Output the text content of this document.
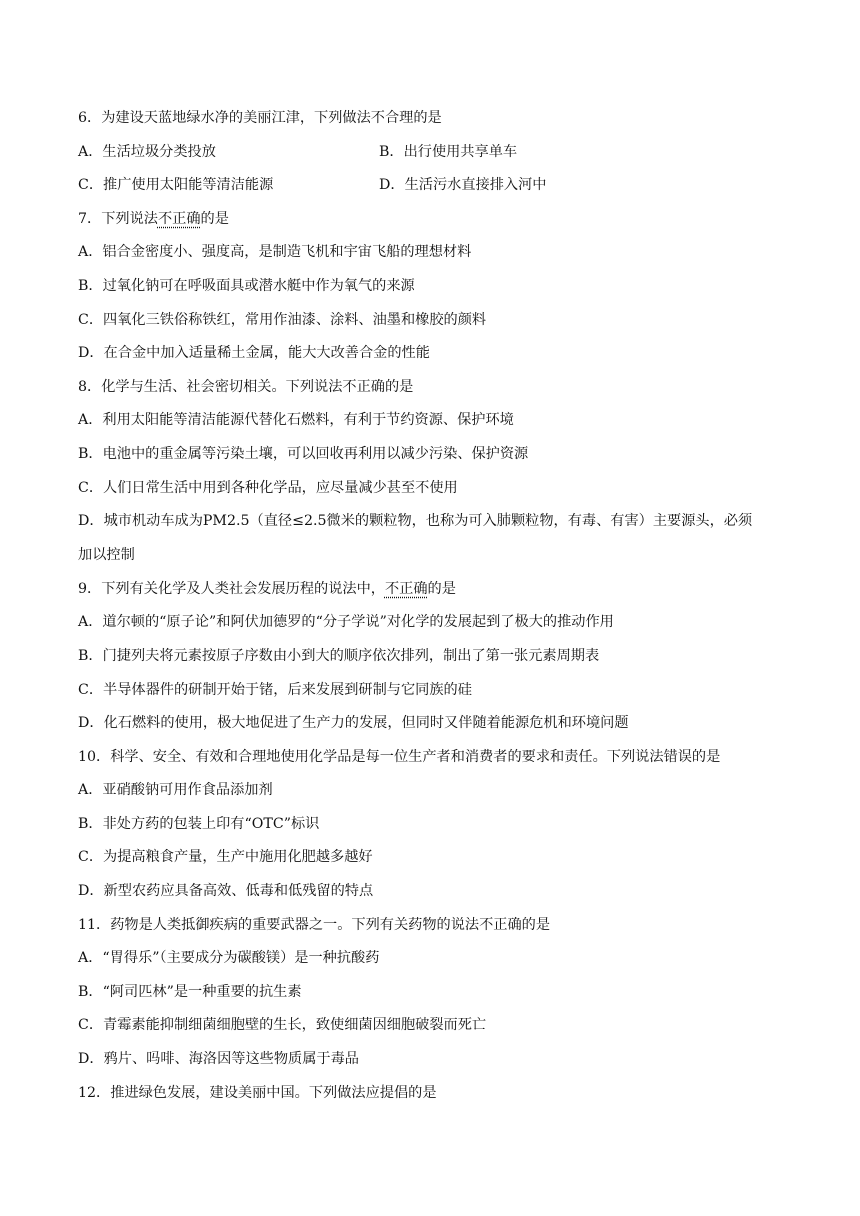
6．为建设天蓝地绿水净的美丽江津，下列做法不合理的是
A．生活垃圾分类投放	B．出行使用共享单车
C．推广使用太阳能等清洁能源	D．生活污水直接排入河中
7．下列说法不正确的是
A．铝合金密度小、强度高，是制造飞机和宇宙飞船的理想材料
B．过氧化钠可在呼吸面具或潜水艇中作为氧气的来源
C．四氧化三铁俗称铁红，常用作油漆、涂料、油墨和橡胶的颜料
D．在合金中加入适量稀土金属，能大大改善合金的性能
8．化学与生活、社会密切相关。下列说法不正确的是
A．利用太阳能等清洁能源代替化石燃料，有利于节约资源、保护环境
B．电池中的重金属等污染土壤，可以回收再利用以减少污染、保护资源
C．人们日常生活中用到各种化学品，应尽量减少甚至不使用
D．城市机动车成为PM2.5（直径≤2.5微米的颗粒物，也称为可入肺颗粒物，有毒、有害）主要源头，必须
加以控制
9．下列有关化学及人类社会发展历程的说法中，不正确的是
A．道尔顿的“原子论”和阿伏加德罗的“分子学说”对化学的发展起到了极大的推动作用
B．门捷列夫将元素按原子序数由小到大的顺序依次排列，制出了第一张元素周期表
C．半导体器件的研制开始于锗，后来发展到研制与它同族的硅
D．化石燃料的使用，极大地促进了生产力的发展，但同时又伴随着能源危机和环境问题
10．科学、安全、有效和合理地使用化学品是每一位生产者和消费者的要求和责任。下列说法错误的是
A．亚硝酸钠可用作食品添加剂
B．非处方药的包装上印有“OTC”标识
C．为提高粮食产量，生产中施用化肥越多越好
D．新型农药应具备高效、低毒和低残留的特点
11．药物是人类抵御疾病的重要武器之一。下列有关药物的说法不正确的是
A．“胃得乐”（主要成分为碳酸镁）是一种抗酸药
B．“阿司匹林”是一种重要的抗生素
C．青霉素能抑制细菌细胞壁的生长，致使细菌因细胞破裂而死亡
D．鸦片、吗啡、海洛因等这些物质属于毒品
12．推进绿色发展，建设美丽中国。下列做法应提倡的是
